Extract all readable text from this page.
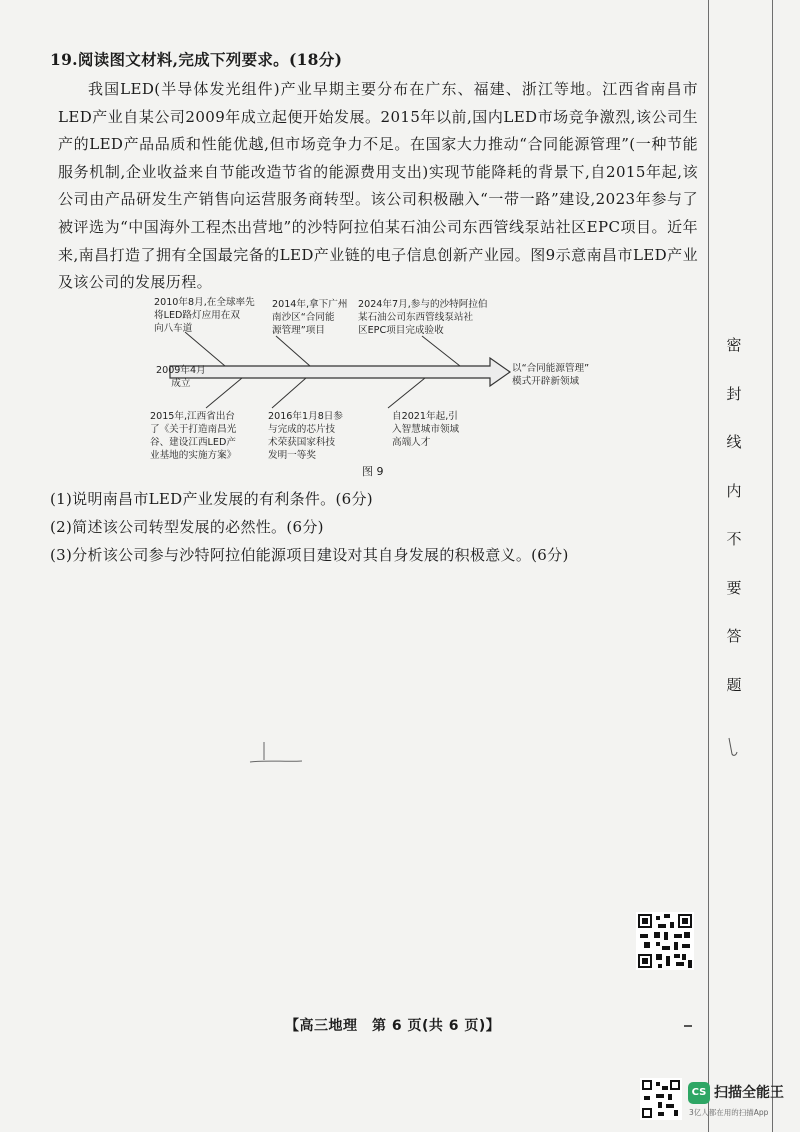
19.阅读图文材料,完成下列要求。(18分)

我国LED(半导体发光组件)产业早期主要分布在广东、福建、浙江等地。江西省南昌市LED产业自某公司2009年成立起便开始发展。2015年以前,国内LED市场竞争激烈,该公司生产的LED产品品质和性能优越,但市场竞争力不足。在国家大力推动“合同能源管理”(一种节能服务机制,企业收益来自节能改造节省的能源费用支出)实现节能降耗的背景下,自2015年起,该公司由产品研发生产销售向运营服务商转型。该公司积极融入“一带一路”建设,2023年参与了被评选为“中国海外工程杰出营地”的沙特阿拉伯某石油公司东西管线泵站社区EPC项目。近年来,南昌打造了拥有全国最完备的LED产业链的电子信息创新产业园。图9示意南昌市LED产业及该公司的发展历程。

2010年8月,在全球率先
将LED路灯应用在双
向八车道
2014年,拿下广州
南沙区“合同能
源管理”项目
2024年7月,参与的沙特阿拉伯
某石油公司东西管线泵站社
区EPC项目完成验收
2009年4月
成立
以“合同能源管理”
模式开辟新领域
2015年,江西省出台
了《关于打造南昌光
谷、建设江西LED产
业基地的实施方案》
2016年1月8日参
与完成的芯片技
术荣获国家科技
发明一等奖
自2021年起,引
入智慧城市领域
高端人才
图 9
(1)说明南昌市LED产业发展的有利条件。(6分)
(2)简述该公司转型发展的必然性。(6分)
(3)分析该公司参与沙特阿拉伯能源项目建设对其自身发展的积极意义。(6分)
密
封
线
内
不
要
答
题
【高三地理　第 6 页(共 6 页)】
CS 扫描全能王
3亿人都在用的扫描App
